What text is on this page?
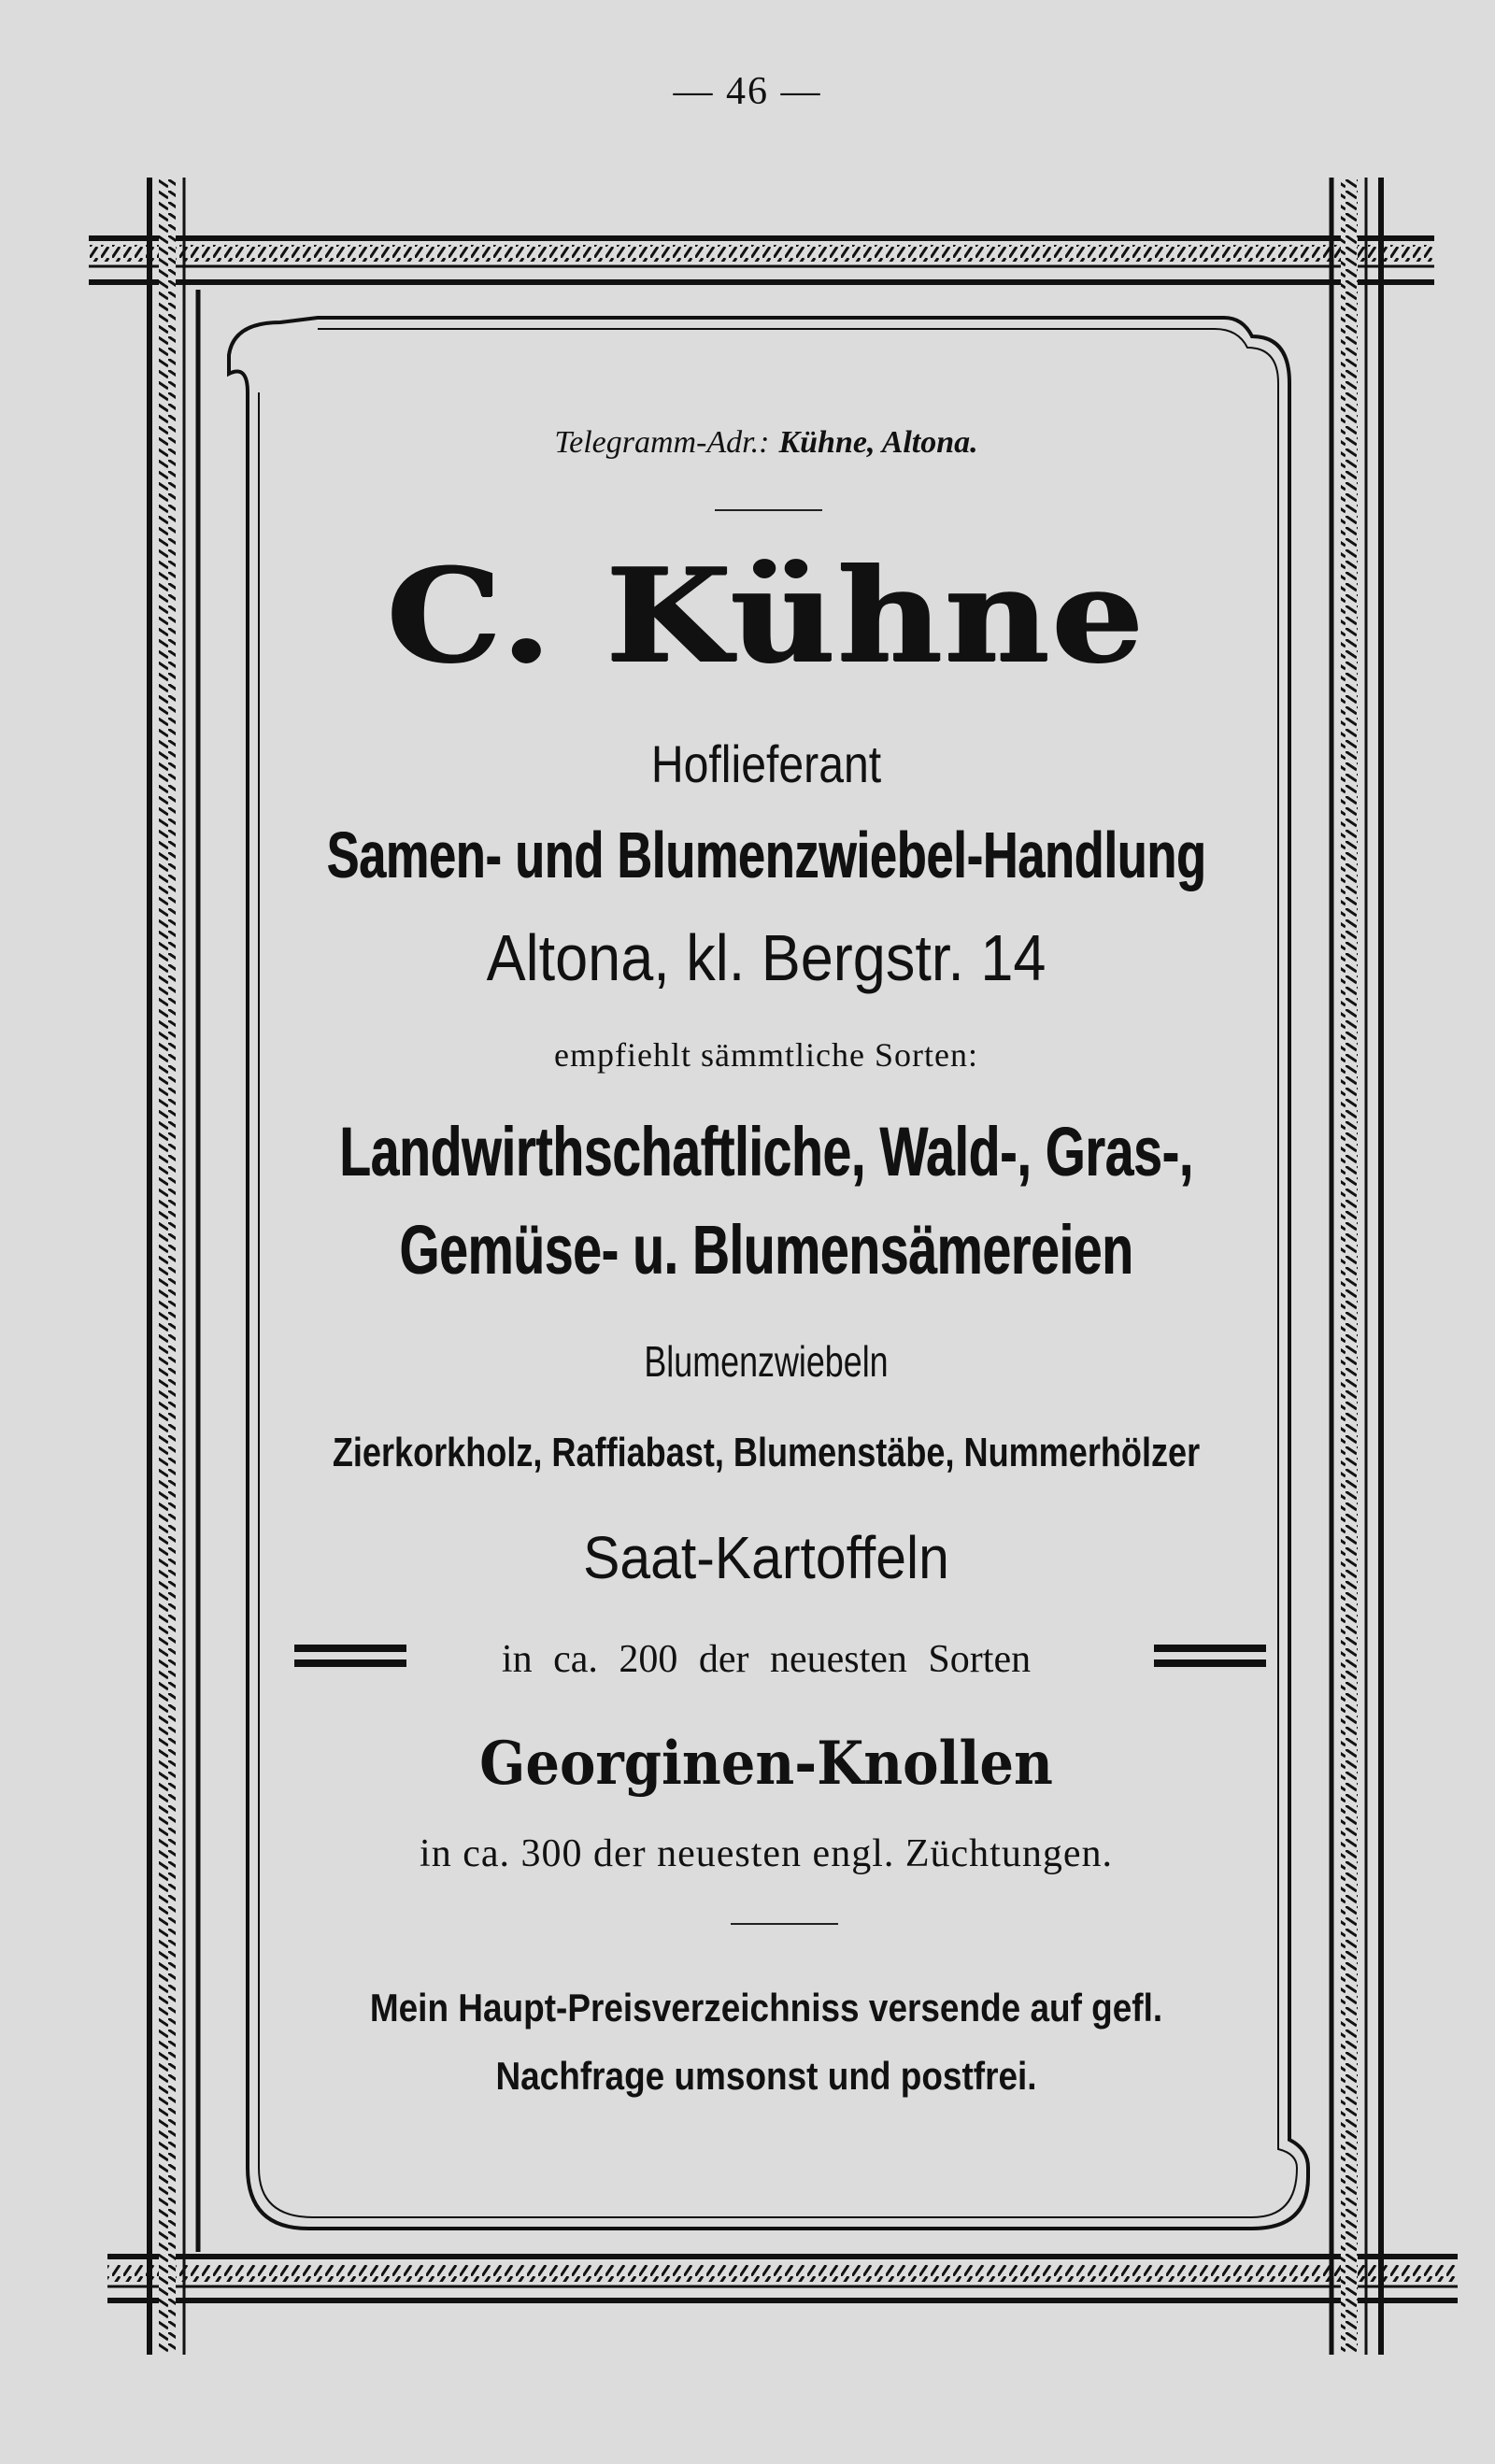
— 46 —
Telegramm-Adr.: Kühne, Altona.
C. Kühne
Hoflieferant
Samen- und Blumenzwiebel-Handlung
Altona, kl. Bergstr. 14
empfiehlt sämmtliche Sorten:
Landwirthschaftliche, Wald-, Gras-,
Gemüse- u. Blumensämereien
Blumenzwiebeln
Zierkorkholz, Raffiabast, Blumenstäbe, Nummerhölzer
Saat-Kartoffeln
in ca. 200 der neuesten Sorten
Georginen-Knollen
in ca. 300 der neuesten engl. Züchtungen.
Mein Haupt-Preisverzeichniss versende auf gefl.
Nachfrage umsonst und postfrei.
